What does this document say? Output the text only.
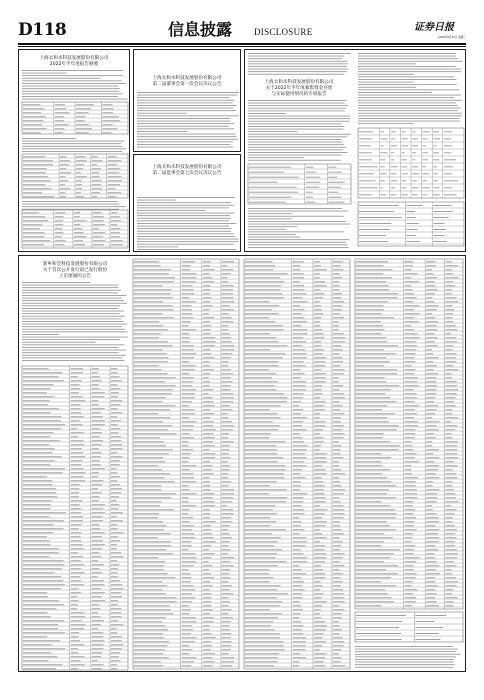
D118	信息披露 DISCLOSURE	证券日报
2022年8月31日 星期三
上海太和水科技发展股份有限公司
2022年半年度报告摘要
上海太和水科技发展股份有限公司
第二届董事会第一次会议决议公告
上海太和水科技发展股份有限公司
第二届监事会第七次会议决议公告
上海太和水科技发展股份有限公司
关于2022年半年度募集资金存放
与实际使用情况的专项报告
新乡和会科技发展股份有限公司
关于首次公开发行前已发行股份
上市流通的公告
